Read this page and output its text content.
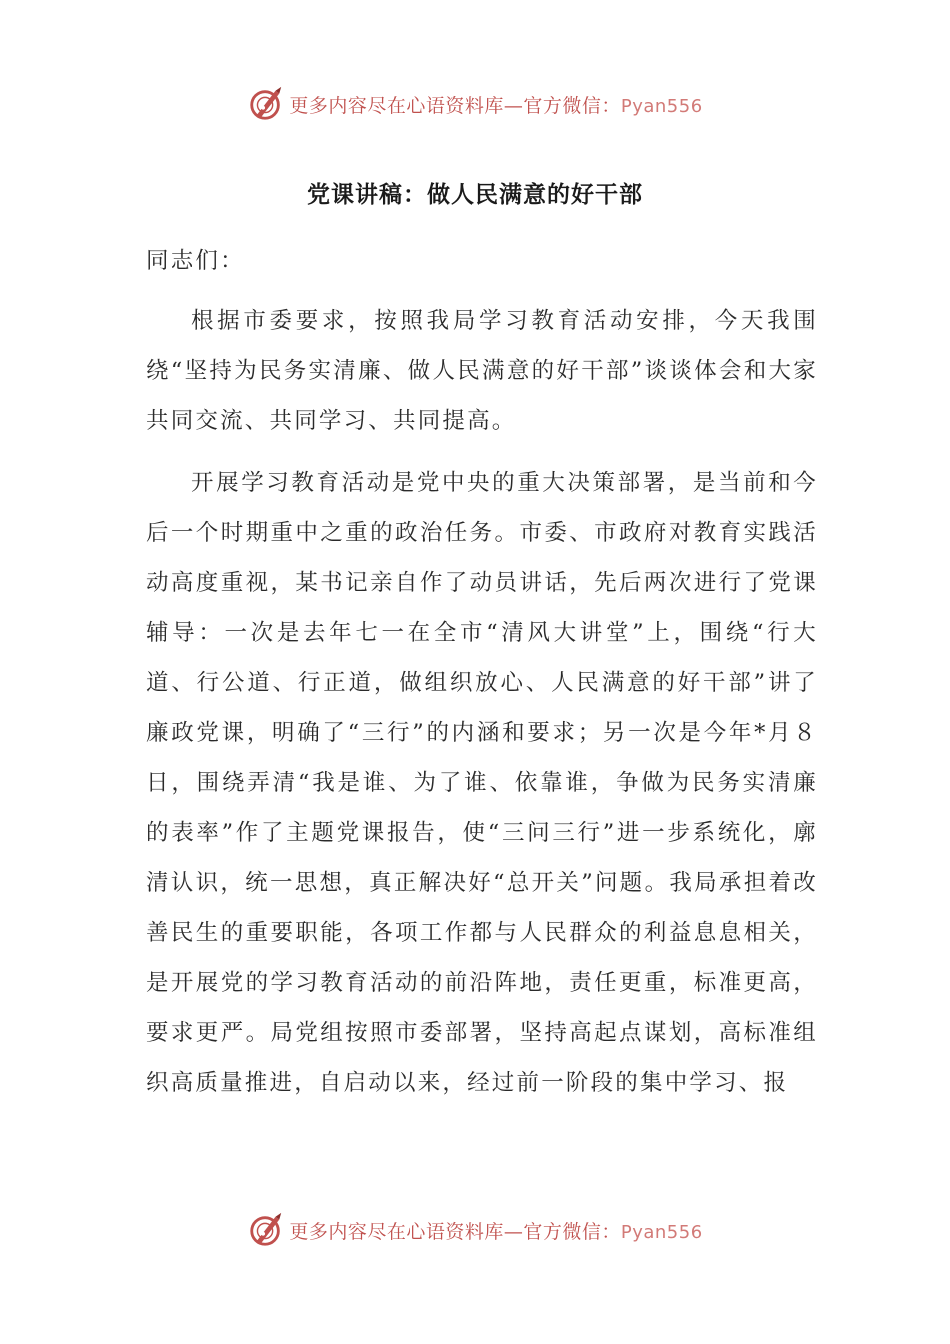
更多内容尽在心语资料库—官方微信：Pyan556
党课讲稿：做人民满意的好干部

同志们：

根据市委要求，按照我局学习教育活动安排，今天我围绕“坚持为民务实清廉、做人民满意的好干部”谈谈体会和大家共同交流、共同学习、共同提高。

开展学习教育活动是党中央的重大决策部署，是当前和今后一个时期重中之重的政治任务。市委、市政府对教育实践活动高度重视，某书记亲自作了动员讲话，先后两次进行了党课辅导：一次是去年七一在全市“清风大讲堂”上，围绕“行大道、行公道、行正道，做组织放心、人民满意的好干部”讲了廉政党课，明确了“三行”的内涵和要求；另一次是今年*月８日，围绕弄清“我是谁、为了谁、依靠谁，争做为民务实清廉的表率”作了主题党课报告，使“三问三行”进一步系统化，廓清认识，统一思想，真正解决好“总开关”问题。我局承担着改善民生的重要职能，各项工作都与人民群众的利益息息相关，是开展党的学习教育活动的前沿阵地，责任更重，标准更高，要求更严。局党组按照市委部署，坚持高起点谋划，高标准组织高质量推进，自启动以来，经过前一阶段的集中学习、报

更多内容尽在心语资料库—官方微信：Pyan556
